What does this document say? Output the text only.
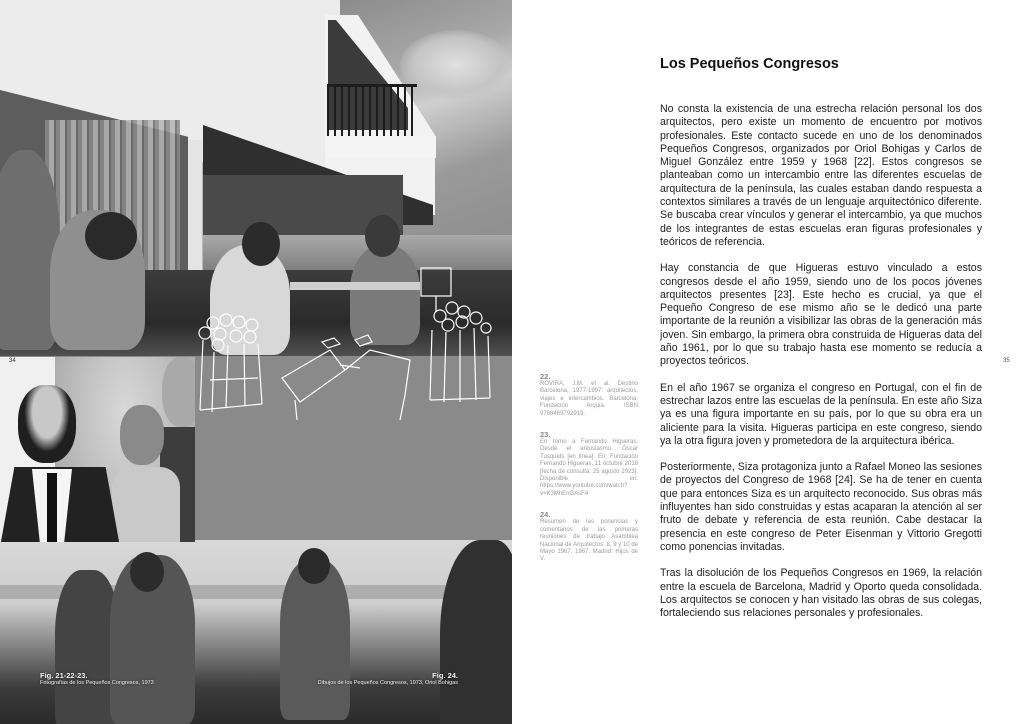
34
Fig. 21-22-23.
Fotografías de los Pequeños Congresos, 1973
Fig. 24.
Dibujos de los Pequeños Congresos, 1973, Oriol Bohigas
Los Pequeños Congresos

No consta la existencia de una estrecha relación personal los dos arquitectos, pero existe un momento de encuentro por motivos profesionales. Este contacto sucede en uno de los denominados Pequeños Congresos, organizados por Oriol Bohigas y Carlos de Miguel González entre 1959 y 1968 [22]. Estos congresos se planteaban como un intercambio entre las diferentes escuelas de arquitectura de la península, las cuales estaban dando respuesta a contextos similares a través de un lenguaje arquitectónico diferente. Se buscaba crear vínculos y generar el intercambio, ya que muchos de los integrantes de estas escuelas eran figuras profesionales y teóricos de referencia.

Hay constancia de que Higueras estuvo vinculado a estos congresos desde el año 1959, siendo uno de los pocos jóvenes arquitectos presentes [23]. Este hecho es crucial, ya que el Pequeño Congreso de ese mismo año se le dedicó una parte importante de la reunión a visibilizar las obras de la generación más joven. Sin embargo, la primera obra construida de Higueras data del año 1961, por lo que su trabajo hasta ese momento se reducía a proyectos teóricos.

En el año 1967 se organiza el congreso en Portugal, con el fin de estrechar lazos entre las escuelas de la península. En este año Siza ya es una figura importante en su país, por lo que su obra era un aliciente para la visita. Higueras participa en este congreso, siendo ya la otra figura joven y prometedora de la arquitectura ibérica.

Posteriormente, Siza protagoniza junto a Rafael Moneo las sesiones de proyectos del Congreso de 1968 [24]. Se ha de tener en cuenta que para entonces Siza es un arquitecto reconocido. Sus obras más influyentes han sido construidas y estas acaparan la atención al ser fruto de debate y referencia de esta reunión. Cabe destacar la presencia en este congreso de Peter Eisenman y Vittorio Gregotti como ponencias invitadas.

Tras la disolución de los Pequeños Congresos en 1969, la relación entre la escuela de Barcelona, Madrid y Oporto queda consolidada. Los arquitectos se conocen y han visitado las obras de sus colegas, fortaleciendo sus relaciones personales y profesionales.

22.
ROVIRA, J.M. et al. Destino Barcelona, 1977-1997: arquitectos, viajes e intercambios. Barcelona: Fundación Arquia. ISBN 9788469792919.
23.
En torno a Fernando Higueras. Desde el entusiasmo. Óscar Tusquets [en línea]. En: Fundación Fernando Higueras, 11 octubre 2018 [fecha de consulta: 25 agosto 2023]. Disponible en: https://www.youtube.com/watch?v=K3MhEnGAsF4
24.
Resumen de las ponencias y comentarios de las primeras reuniones de trabajo Asamblea Nacional de Arquitectos. 8, 9 y 10 de Mayo 1967, 1967. Madrid: Hijos de V.
35
